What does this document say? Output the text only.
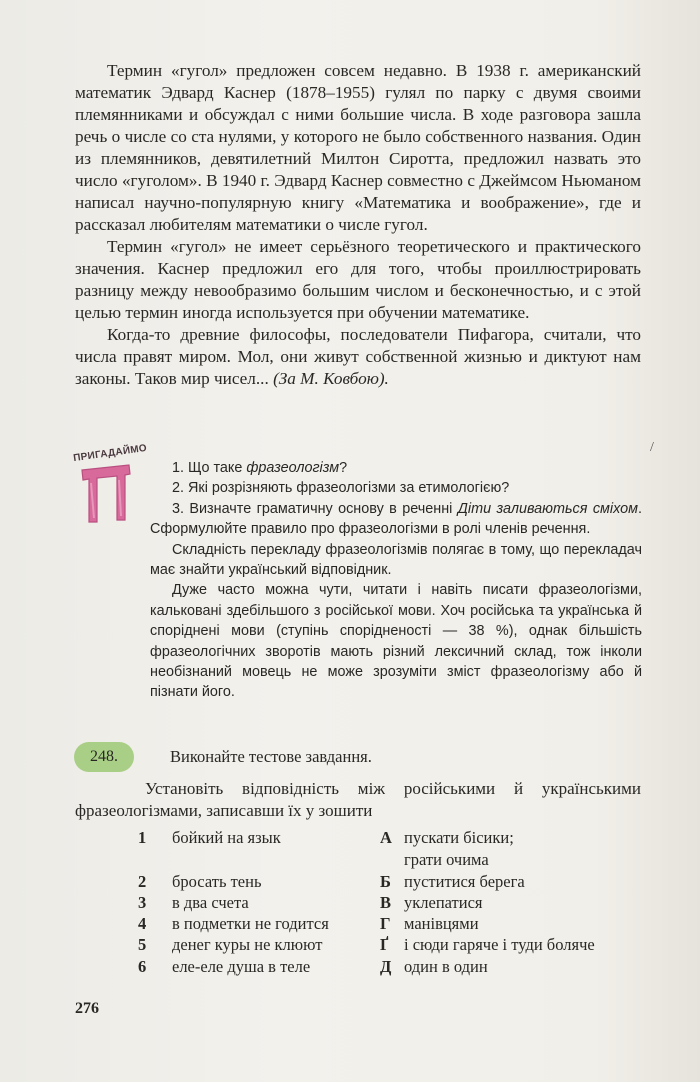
Термин «гугол» предложен совсем недавно. В 1938 г. американский математик Эдвард Каснер (1878–1955) гулял по парку с двумя своими племянниками и обсуждал с ними большие числа. В ходе разговора зашла речь о числе со ста нулями, у которого не было собственного названия. Один из племянников, девятилетний Милтон Сиротта, предложил назвать это число «гуголом». В 1940 г. Эдвард Каснер совместно с Джеймсом Ньюманом написал научно-популярную книгу «Математика и воображение», где и рассказал любителям математики о числе гугол.

Термин «гугол» не имеет серьёзного теоретического и практического значения. Каснер предложил его для того, чтобы проиллюстрировать разницу между невообразимо большим числом и бесконечностью, и с этой целью термин иногда используется при обучении математике.

Когда-то древние философы, последователи Пифагора, считали, что числа правят миром. Мол, они живут собственной жизнью и диктуют нам законы. Таков мир чисел... (За М. Ковбою).

/
ПРИГАДАЙМО

1. Що таке фразеологізм?

2. Які розрізняють фразеологізми за етимологією?

3. Визначте граматичну основу в реченні Діти заливаються сміхом. Сформулюйте правило про фразеологізми в ролі членів речення.

Складність перекладу фразеологізмів полягає в тому, що перекладач має знайти український відповідник.

Дуже часто можна чути, читати і навіть писати фразеологізми, кальковані здебільшого з російської мови. Хоч російська та українська й споріднені мови (ступінь спорідненості — 38 %), однак більшість фразеологічних зворотів мають різний лексичний склад, тож інколи необізнаний мовець не може зрозуміти зміст фразеологізму або й пізнати його.

248.	Виконайте тестове завдання.

Установіть відповідність між російськими й українськими фразеологізмами, записавши їх у зошити

1 бойкий на язык	А пускати бісики;
грати очима
2 бросать тень	Б пуститися берега
3 в два счета	В уклепатися
4 в подметки не годится	Г манівцями
5 денег куры не клюют	Ґ і сюди гаряче і туди боляче
6 еле-еле душа в теле	Д один в один
276
